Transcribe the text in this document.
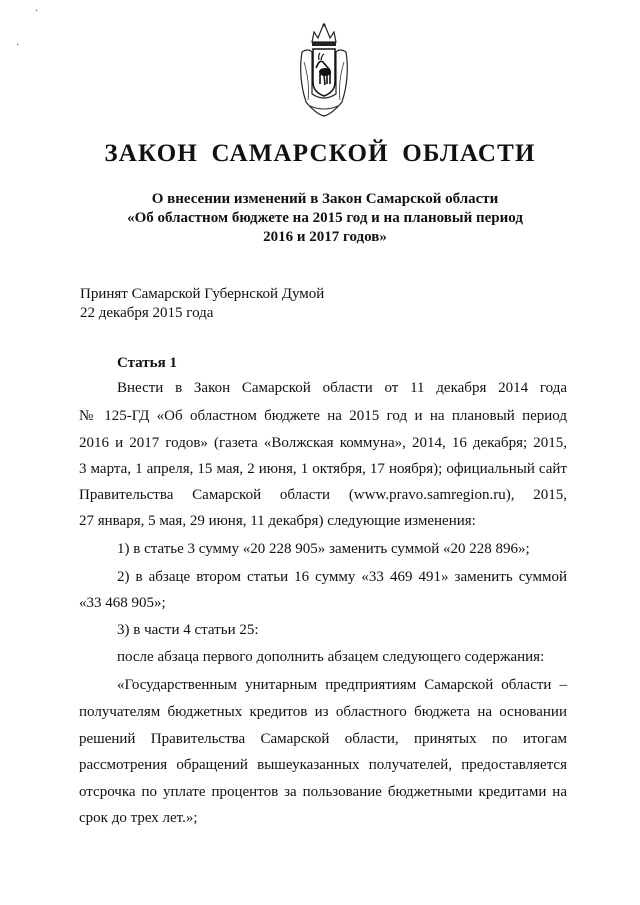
ЗАКОН САМАРСКОЙ ОБЛАСТИ
О внесении изменений в Закон Самарской области
«Об областном бюджете на 2015 год и на плановый период
2016 и 2017 годов»
Принят Самарской Губернской Думой
22 декабря 2015 года
Статья 1
Внести в Закон Самарской области от 11 декабря 2014 года
№ 125-ГД «Об областном бюджете на 2015 год и на плановый период
2016 и 2017 годов» (газета «Волжская коммуна», 2014, 16 декабря; 2015,
3 марта, 1 апреля, 15 мая, 2 июня, 1 октября, 17 ноября); официальный сайт
Правительства Самарской области (www.pravo.samregion.ru), 2015,
27 января, 5 мая, 29 июня, 11 декабря) следующие изменения:
1) в статье 3 сумму «20 228 905» заменить суммой «20 228 896»;
2) в абзаце втором статьи 16 сумму «33 469 491» заменить суммой
«33 468 905»;
3) в части 4 статьи 25:
после абзаца первого дополнить абзацем следующего содержания:
«Государственным унитарным предприятиям Самарской области –
получателям бюджетных кредитов из областного бюджета на основании
решений Правительства Самарской области, принятых по итогам
рассмотрения обращений вышеуказанных получателей, предоставляется
отсрочка по уплате процентов за пользование бюджетными кредитами на
срок до трех лет.»;
·
·
